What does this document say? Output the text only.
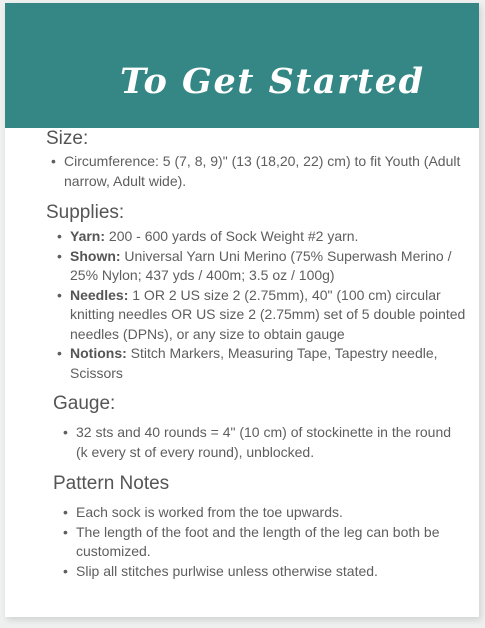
To Get Started
Size:
• Circumference: 5 (7, 8, 9)" (13 (18,20, 22) cm) to fit Youth (Adult narrow, Adult wide).
Supplies:
• Yarn: 200 - 600 yards of Sock Weight #2 yarn.
• Shown: Universal Yarn Uni Merino (75% Superwash Merino / 25% Nylon; 437 yds / 400m; 3.5 oz / 100g)
• Needles: 1 OR 2 US size 2 (2.75mm), 40" (100 cm) circular knitting needles OR US size 2 (2.75mm) set of 5 double pointed needles (DPNs), or any size to obtain gauge
• Notions: Stitch Markers, Measuring Tape, Tapestry needle, Scissors
Gauge:
• 32 sts and 40 rounds = 4" (10 cm) of stockinette in the round (k every st of every round), unblocked.
Pattern Notes
• Each sock is worked from the toe upwards.
• The length of the foot and the length of the leg can both be customized.
• Slip all stitches purlwise unless otherwise stated.
